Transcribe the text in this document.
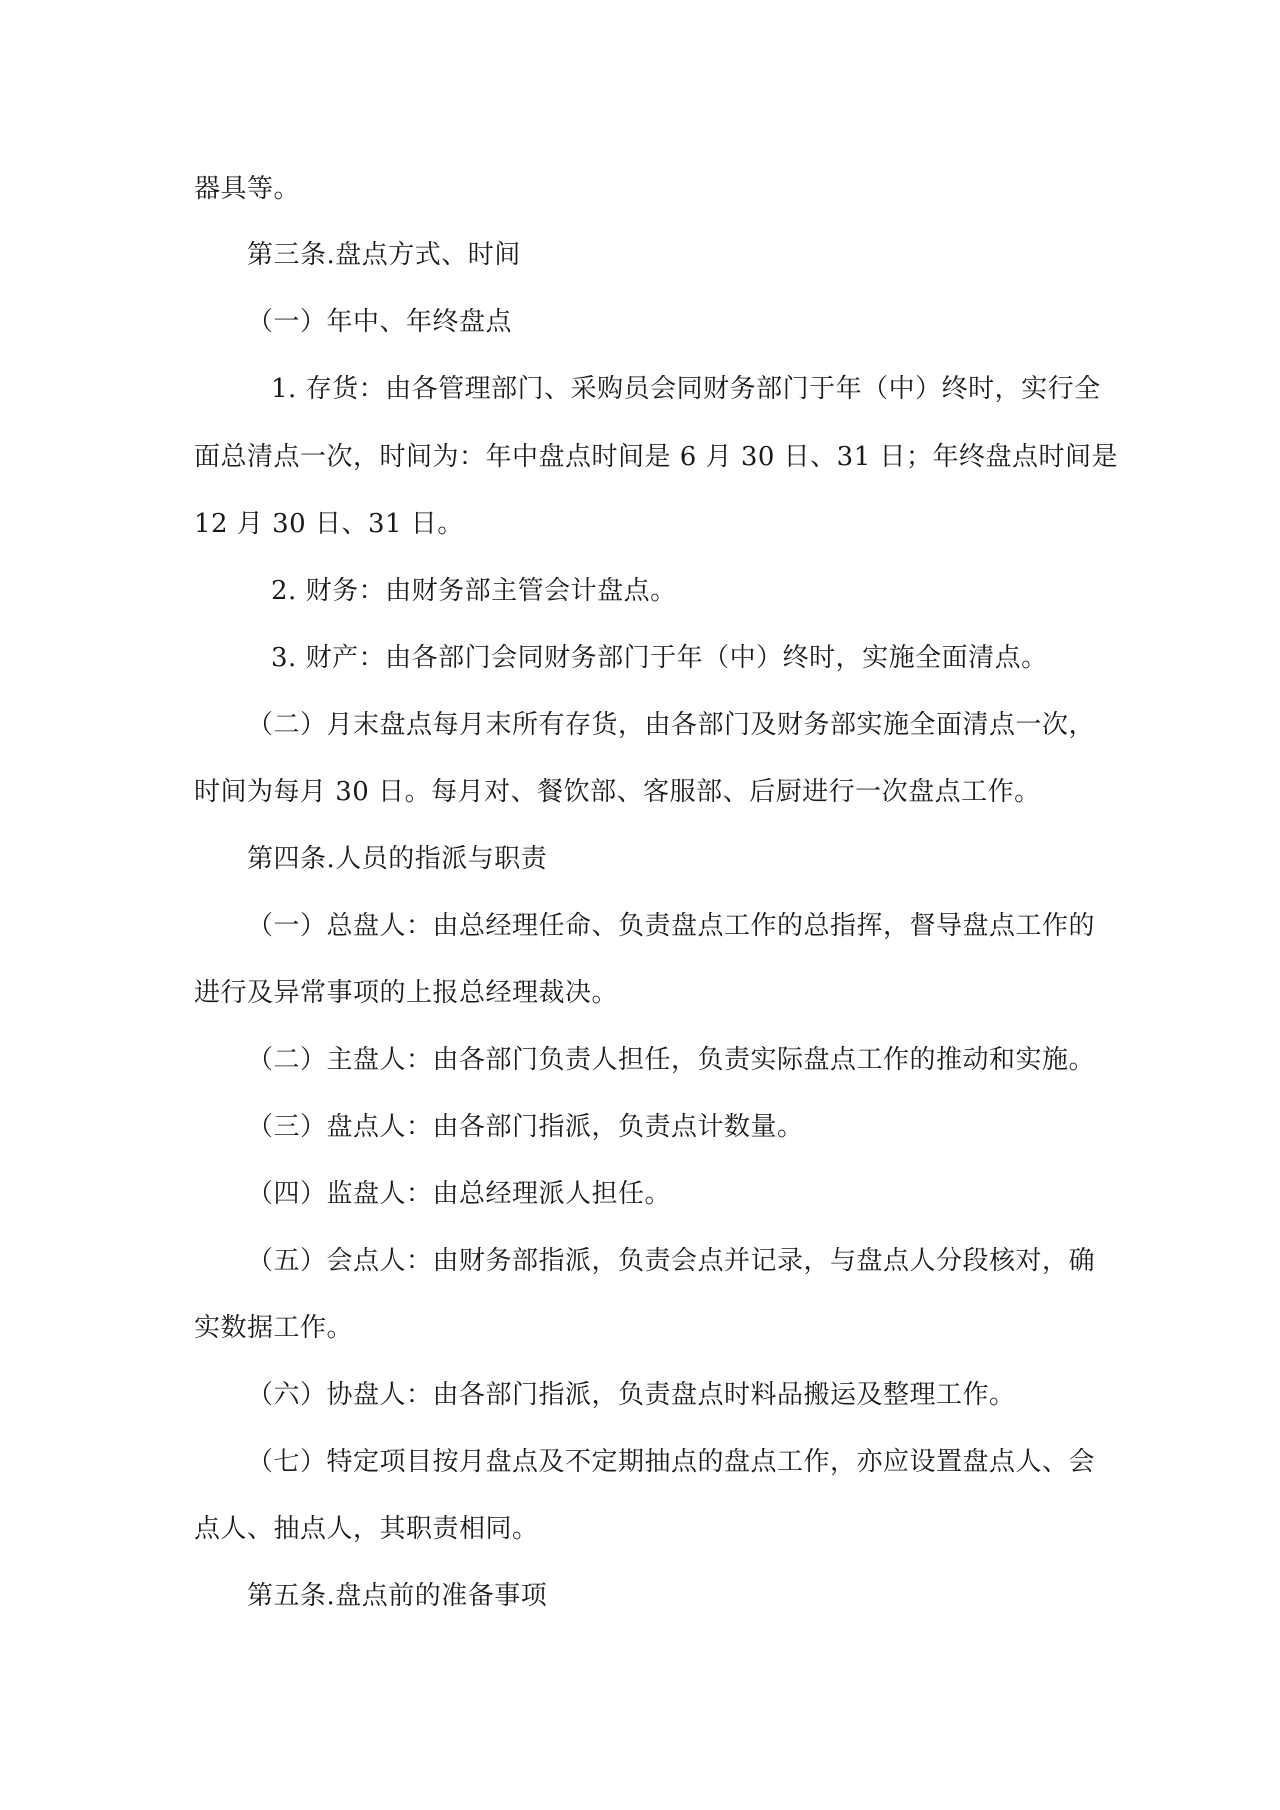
器具等。

第三条.盘点方式、时间

（一）年中、年终盘点

1. 存货：由各管理部门、采购员会同财务部门于年（中）终时，实行全

面总清点一次，时间为：年中盘点时间是 6 月 30 日、31 日；年终盘点时间是

12 月 30 日、31 日。

2. 财务：由财务部主管会计盘点。

3. 财产：由各部门会同财务部门于年（中）终时，实施全面清点。

（二）月末盘点每月末所有存货，由各部门及财务部实施全面清点一次，

时间为每月 30 日。每月对、餐饮部、客服部、后厨进行一次盘点工作。

第四条.人员的指派与职责

（一）总盘人：由总经理任命、负责盘点工作的总指挥，督导盘点工作的

进行及异常事项的上报总经理裁决。

（二）主盘人：由各部门负责人担任，负责实际盘点工作的推动和实施。

（三）盘点人：由各部门指派，负责点计数量。

（四）监盘人：由总经理派人担任。

（五）会点人：由财务部指派，负责会点并记录，与盘点人分段核对，确

实数据工作。

（六）协盘人：由各部门指派，负责盘点时料品搬运及整理工作。

（七）特定项目按月盘点及不定期抽点的盘点工作，亦应设置盘点人、会

点人、抽点人，其职责相同。

第五条.盘点前的准备事项
